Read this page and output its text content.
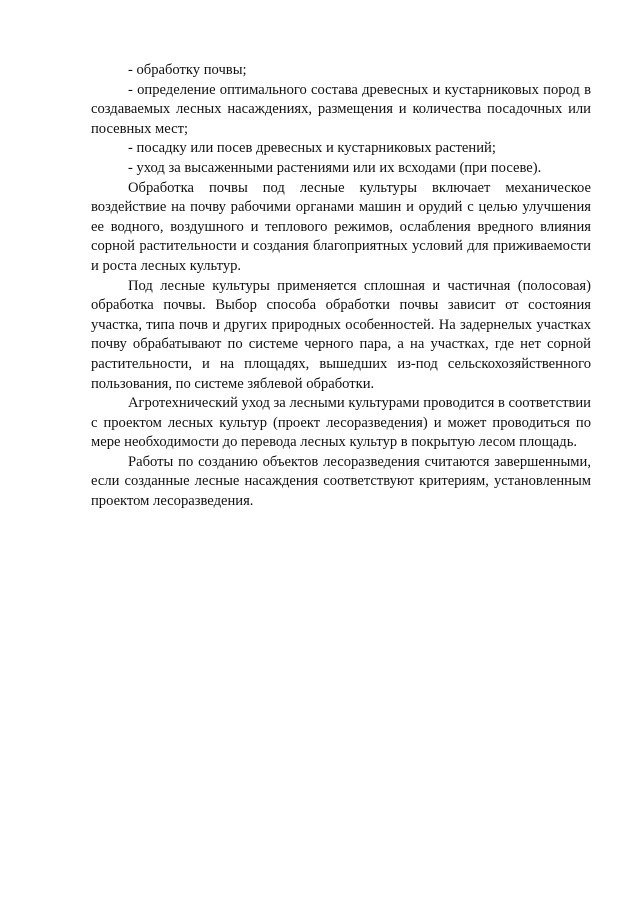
- обработку почвы;

- определение оптимального состава древесных и кустарниковых пород в создаваемых лесных насаждениях, размещения и количества посадочных или посевных мест;

- посадку или посев древесных и кустарниковых растений;

- уход за высаженными растениями или их всходами (при посеве).

Обработка почвы под лесные культуры включает механическое воздействие на почву рабочими органами машин и орудий с целью улучшения ее водного, воздушного и теплового режимов, ослабления вредного влияния сорной растительности и создания благоприятных условий для приживаемости и роста лесных культур.

Под лесные культуры применяется сплошная и частичная (полосовая) обработка почвы. Выбор способа обработки почвы зависит от состояния участка, типа почв и других природных особенностей. На задернелых участках почву обрабатывают по системе черного пара, а на участках, где нет сорной растительности, и на площадях, вышедших из-под сельскохозяйственного пользования, по системе зяблевой обработки.

Агротехнический уход за лесными культурами проводится в соответствии с проектом лесных культур (проект лесоразведения) и может проводиться по мере необходимости до перевода лесных культур в покрытую лесом площадь.

Работы по созданию объектов лесоразведения считаются завершенными, если созданные лесные насаждения соответствуют критериям, установленным проектом лесоразведения.
